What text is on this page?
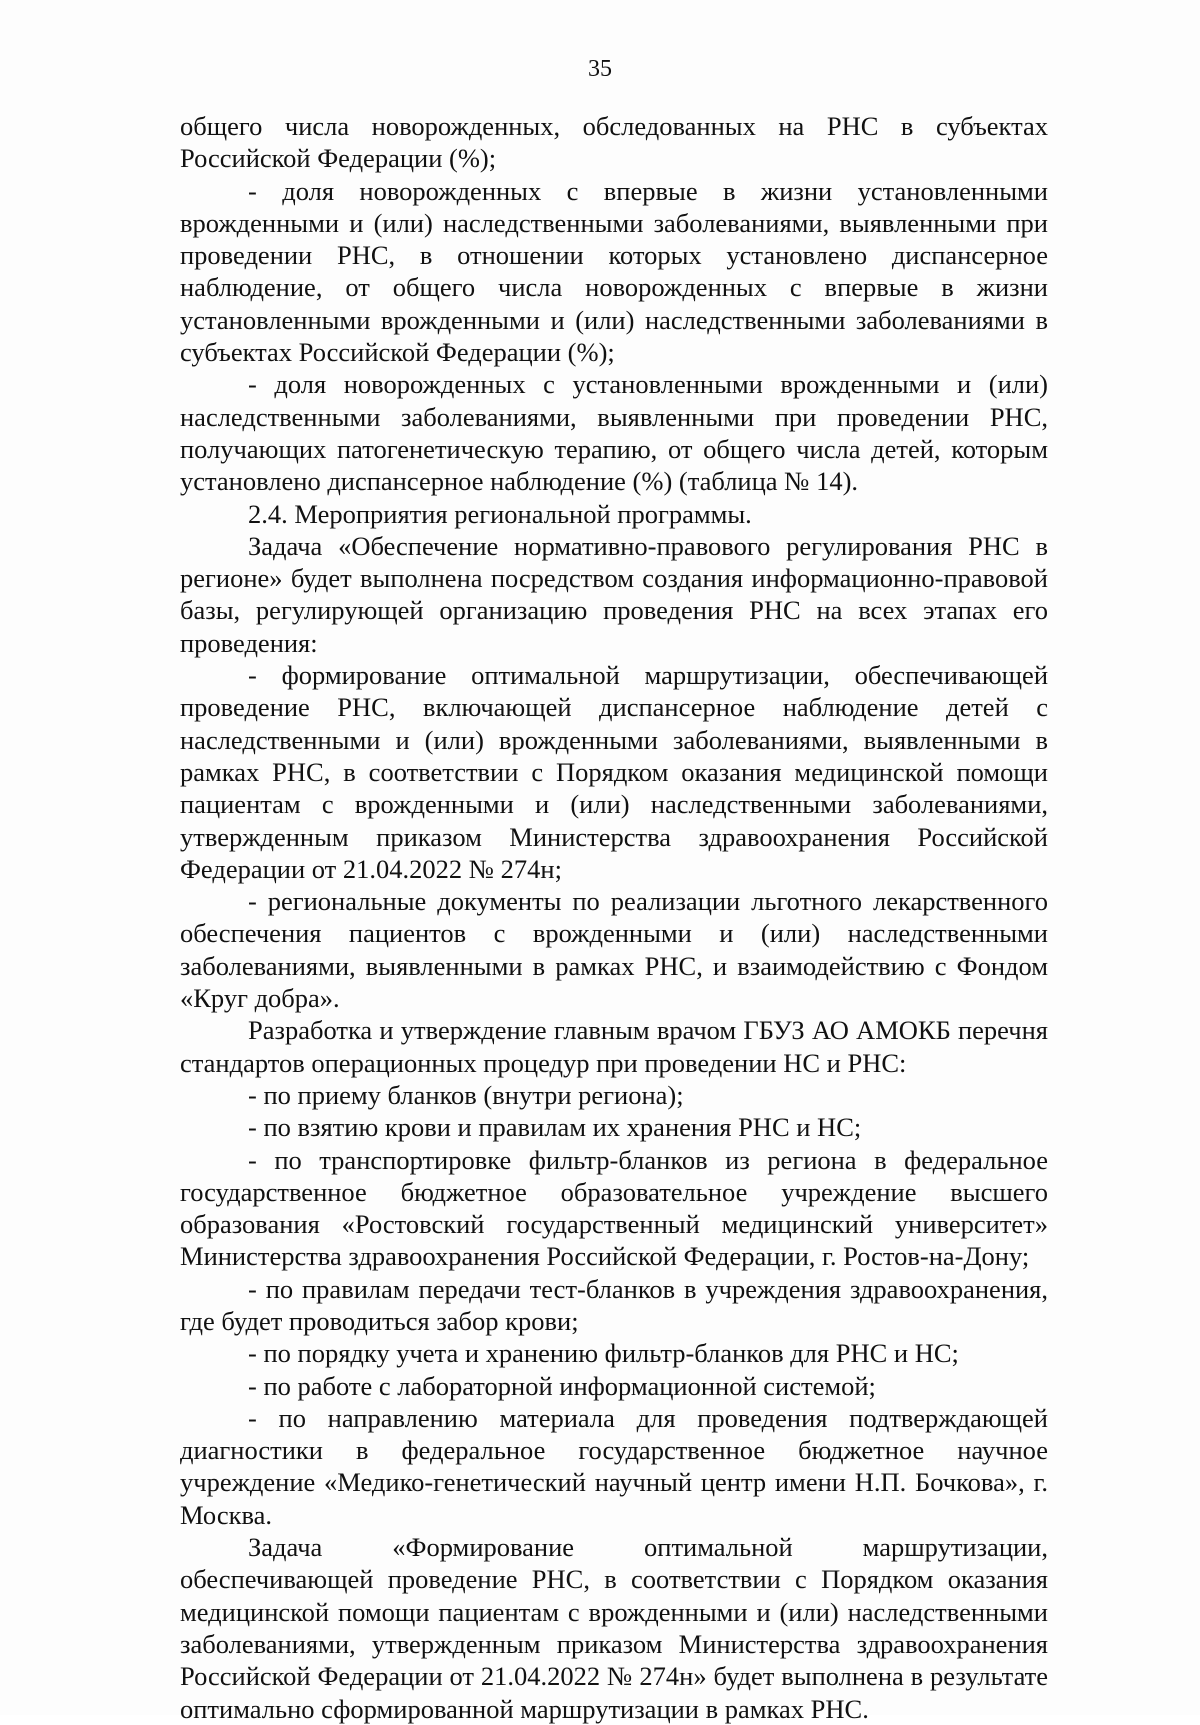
35

общего числа новорожденных, обследованных на РНС в субъектах Российской Федерации (%);

- доля новорожденных с впервые в жизни установленными врожденными и (или) наследственными заболеваниями, выявленными при проведении РНС, в отношении которых установлено диспансерное наблюдение, от общего числа новорожденных с впервые в жизни установленными врожденными и (или) наследственными заболеваниями в субъектах Российской Федерации (%);

- доля новорожденных с установленными врожденными и (или) наследственными заболеваниями, выявленными при проведении РНС, получающих патогенетическую терапию, от общего числа детей, которым установлено диспансерное наблюдение (%) (таблица № 14).

2.4. Мероприятия региональной программы.

Задача «Обеспечение нормативно-правового регулирования РНС в регионе» будет выполнена посредством создания информационно-правовой базы, регулирующей организацию проведения РНС на всех этапах его проведения:

- формирование оптимальной маршрутизации, обеспечивающей проведение РНС, включающей диспансерное наблюдение детей с наследственными и (или) врожденными заболеваниями, выявленными в рамках РНС, в соответствии с Порядком оказания медицинской помощи пациентам с врожденными и (или) наследственными заболеваниями, утвержденным приказом Министерства здравоохранения Российской Федерации от 21.04.2022 № 274н;

- региональные документы по реализации льготного лекарственного обеспечения пациентов с врожденными и (или) наследственными заболеваниями, выявленными в рамках РНС, и взаимодействию с Фондом «Круг добра».

Разработка и утверждение главным врачом ГБУЗ АО АМОКБ перечня стандартов операционных процедур при проведении НС и РНС:

- по приему бланков (внутри региона);

- по взятию крови и правилам их хранения РНС и НС;

- по транспортировке фильтр-бланков из региона в федеральное государственное бюджетное образовательное учреждение высшего образования «Ростовский государственный медицинский университет» Министерства здравоохранения Российской Федерации, г. Ростов-на-Дону;

- по правилам передачи тест-бланков в учреждения здравоохранения, где будет проводиться забор крови;

- по порядку учета и хранению фильтр-бланков для РНС и НС;

- по работе с лабораторной информационной системой;

- по направлению материала для проведения подтверждающей диагностики в федеральное государственное бюджетное научное учреждение «Медико-генетический научный центр имени Н.П. Бочкова», г. Москва.

Задача «Формирование оптимальной маршрутизации, обеспечивающей проведение РНС, в соответствии с Порядком оказания медицинской помощи пациентам с врожденными и (или) наследственными заболеваниями, утвержденным приказом Министерства здравоохранения Российской Федерации от 21.04.2022 № 274н» будет выполнена в результате оптимально сформированной маршрутизации в рамках РНС.
